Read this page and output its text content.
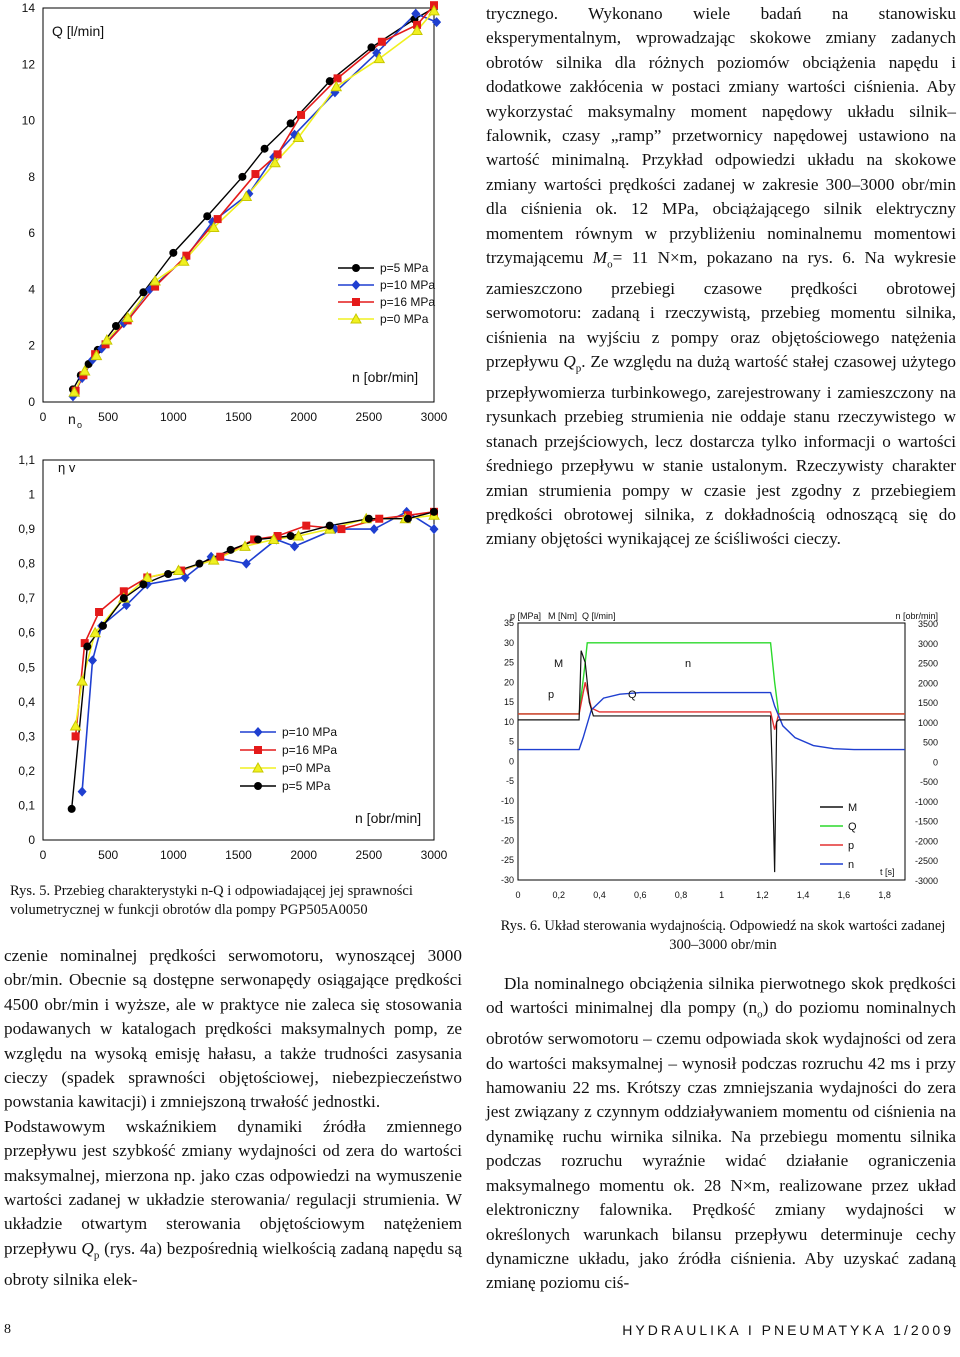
0
2
4
6
8
10
12
14
0	500	1000	1500	2000	2500	3000
p=5 MPa
p=10 MPa
p=16 MPa
p=0 MPa
Q [l/min]
n [obr/min]
n o
0
0,1
0,2
0,3
0,4
0,5
0,6
0,7
0,8
0,9
1
1,1
0	500	1000	1500	2000	2500	3000
p=10 MPa
p=16 MPa
p=0 MPa
p=5 MPa
η v
n [obr/min]
Rys. 5. Przebieg charakterystyki n-Q i odpowiadającej jej sprawności volumetrycznej w funkcji obrotów dla pompy PGP505A0050

czenie nominalnej prędkości serwomotoru, wynoszącej 3000 obr/min. Obecnie są dostępne serwonapędy osiągające prędkości 4500 obr/min i wyższe, ale w praktyce nie zaleca się stosowania podawanych w katalogach prędkości maksymalnych pomp, ze względu na wysoką emisję hałasu, a także trudności zasysania cieczy (spadek sprawności objętościowej, niebezpieczeństwo powstania kawitacji) i zmniejszoną trwałość jednostki.

Podstawowym wskaźnikiem dynamiki źródła zmiennego przepływu jest szybkość zmiany wydajności od zera do wartości maksymalnej, mierzona np. jako czas odpowiedzi na wymuszenie wartości zadanej w układzie sterowania/ regulacji strumienia. W układzie otwartym sterowania objętościowym natężeniem przepływu $Q_p$ (rys. 4a) bezpośrednią wielkością zadaną napędu są obroty silnika elek-

trycznego. Wykonano wiele badań na stanowisku eksperymentalnym, wprowadzając skokowe zmiany zadanych obrotów silnika dla różnych poziomów obciążenia napędu i dodatkowe zakłócenia w postaci zmiany wartości ciśnienia. Aby wykorzystać maksymalny moment napędowy układu silnik–falownik, czasy „ramp” przetwornicy napędowej ustawiono na wartość minimalną. Przykład odpowiedzi układu na skokowe zmiany wartości prędkości zadanej w zakresie 300–3000 obr/min dla ciśnienia ok. 12 MPa, obciążającego silnik elektryczny momentem równym w przybliżeniu nominalnemu momentowi trzymającemu $M_o= 11$ N×m, pokazano na rys. 6. Na wykresie zamieszczono przebiegi czasowe prędkości obrotowej serwomotoru: zadaną i rzeczywistą, przebieg momentu silnika, ciśnienia na wyjściu z pompy oraz objętościowego natężenia przepływu $Q_p$. Ze względu na dużą wartość stałej czasowej użytego przepływomierza turbinkowego, zarejestrowany i zamieszczony na rysunkach przebieg strumienia nie oddaje stanu rzeczywistego w stanach przejściowych, lecz dostarcza tylko informacji o wartości średniego przepływu w stanie ustalonym. Rzeczywisty charakter zmian strumienia pompy w czasie jest zgodny z przebiegiem prędkości obrotowej silnika, z dokładnością odnoszącą się do zmiany objętości wynikającej ze ściśliwości cieczy.

35
30
25
20
15
10
5
0
-5
-10
-15
-20
-25
-30
3500
3000
2500
2000
1500
1000
500
0
-500
-1000
-1500
-2000
-2500
-3000
0	0,2	0,4	0,6	0,8	1	1,2	1,4	1,6	1,8
p [MPa] M [Nm] Q [l/min]	n [obr/min]
t [s]
M
p	Q
n
M
Q
p
n
Rys. 6. Układ sterowania wydajnością. Odpowiedź na skok wartości zadanej 300–3000 obr/min

Dla nominalnego obciążenia silnika pierwotnego skok prędkości od wartości minimalnej dla pompy $(n_o)$ do poziomu nominalnych obrotów serwomotoru – czemu odpowiada skok wydajności od zera do wartości maksymalnej – wynosił podczas rozruchu 42 ms i przy hamowaniu 22 ms. Krótszy czas zmniejszania wydajności do zera jest związany z czynnym oddziaływaniem momentu od ciśnienia na dynamikę ruchu wirnika silnika. Na przebiegu momentu silnika podczas rozruchu wyraźnie widać działanie ograniczenia maksymalnego momentu ok. 28 N×m, realizowane przez układ elektroniczny falownika. Prędkość zmiany wydajności w określonych warunkach bilansu przepływu determinuje cechy dynamiczne układu, jako źródła ciśnienia. Aby uzyskać zadaną zmianę poziomu ciś-

8	HYDRAULIKA I PNEUMATYKA 1/2009
